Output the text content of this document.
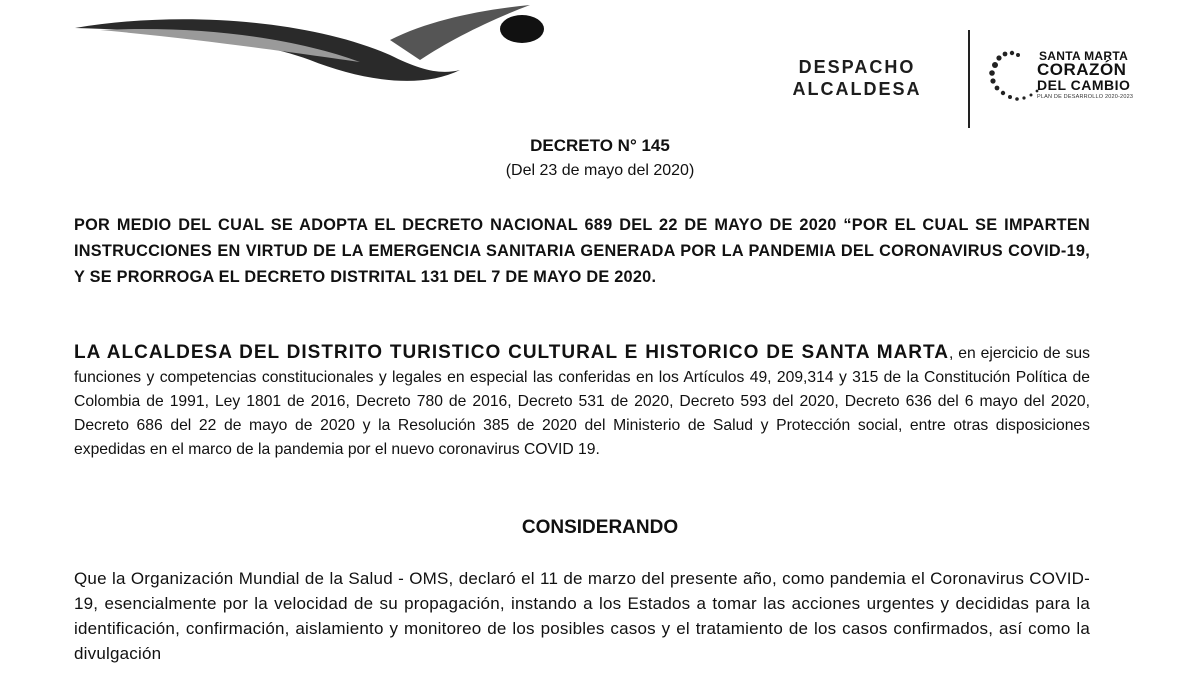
DESPACHO ALCALDESA
SANTA MARTA
CORAZÓN
DEL CAMBIO
PLAN DE DESARROLLO 2020-2023
DECRETO N° 145
(Del 23 de mayo del 2020)
POR MEDIO DEL CUAL SE ADOPTA EL DECRETO NACIONAL 689 DEL 22 DE MAYO DE 2020 “POR EL CUAL SE IMPARTEN INSTRUCCIONES EN VIRTUD DE LA EMERGENCIA SANITARIA GENERADA POR LA PANDEMIA DEL CORONAVIRUS COVID-19, Y SE PRORROGA EL DECRETO DISTRITAL 131 DEL 7 DE MAYO DE 2020.
LA ALCALDESA DEL DISTRITO TURISTICO CULTURAL E HISTORICO DE SANTA MARTA, en ejercicio de sus funciones y competencias constitucionales y legales en especial las conferidas en los Artículos 49, 209,314 y 315 de la Constitución Política de Colombia de 1991, Ley 1801 de 2016, Decreto 780 de 2016, Decreto 531 de 2020, Decreto 593 del 2020, Decreto 636 del 6 mayo del 2020, Decreto 686 del 22 de mayo de 2020 y la Resolución 385 de 2020 del Ministerio de Salud y Protección social, entre otras disposiciones expedidas en el marco de la pandemia por el nuevo coronavirus COVID 19.
CONSIDERANDO
Que la Organización Mundial de la Salud - OMS, declaró el 11 de marzo del presente año, como pandemia el Coronavirus COVID-19, esencialmente por la velocidad de su propagación, instando a los Estados a tomar las acciones urgentes y decididas para la identificación, confirmación, aislamiento y monitoreo de los posibles casos y el tratamiento de los casos confirmados, así como la divulgación
